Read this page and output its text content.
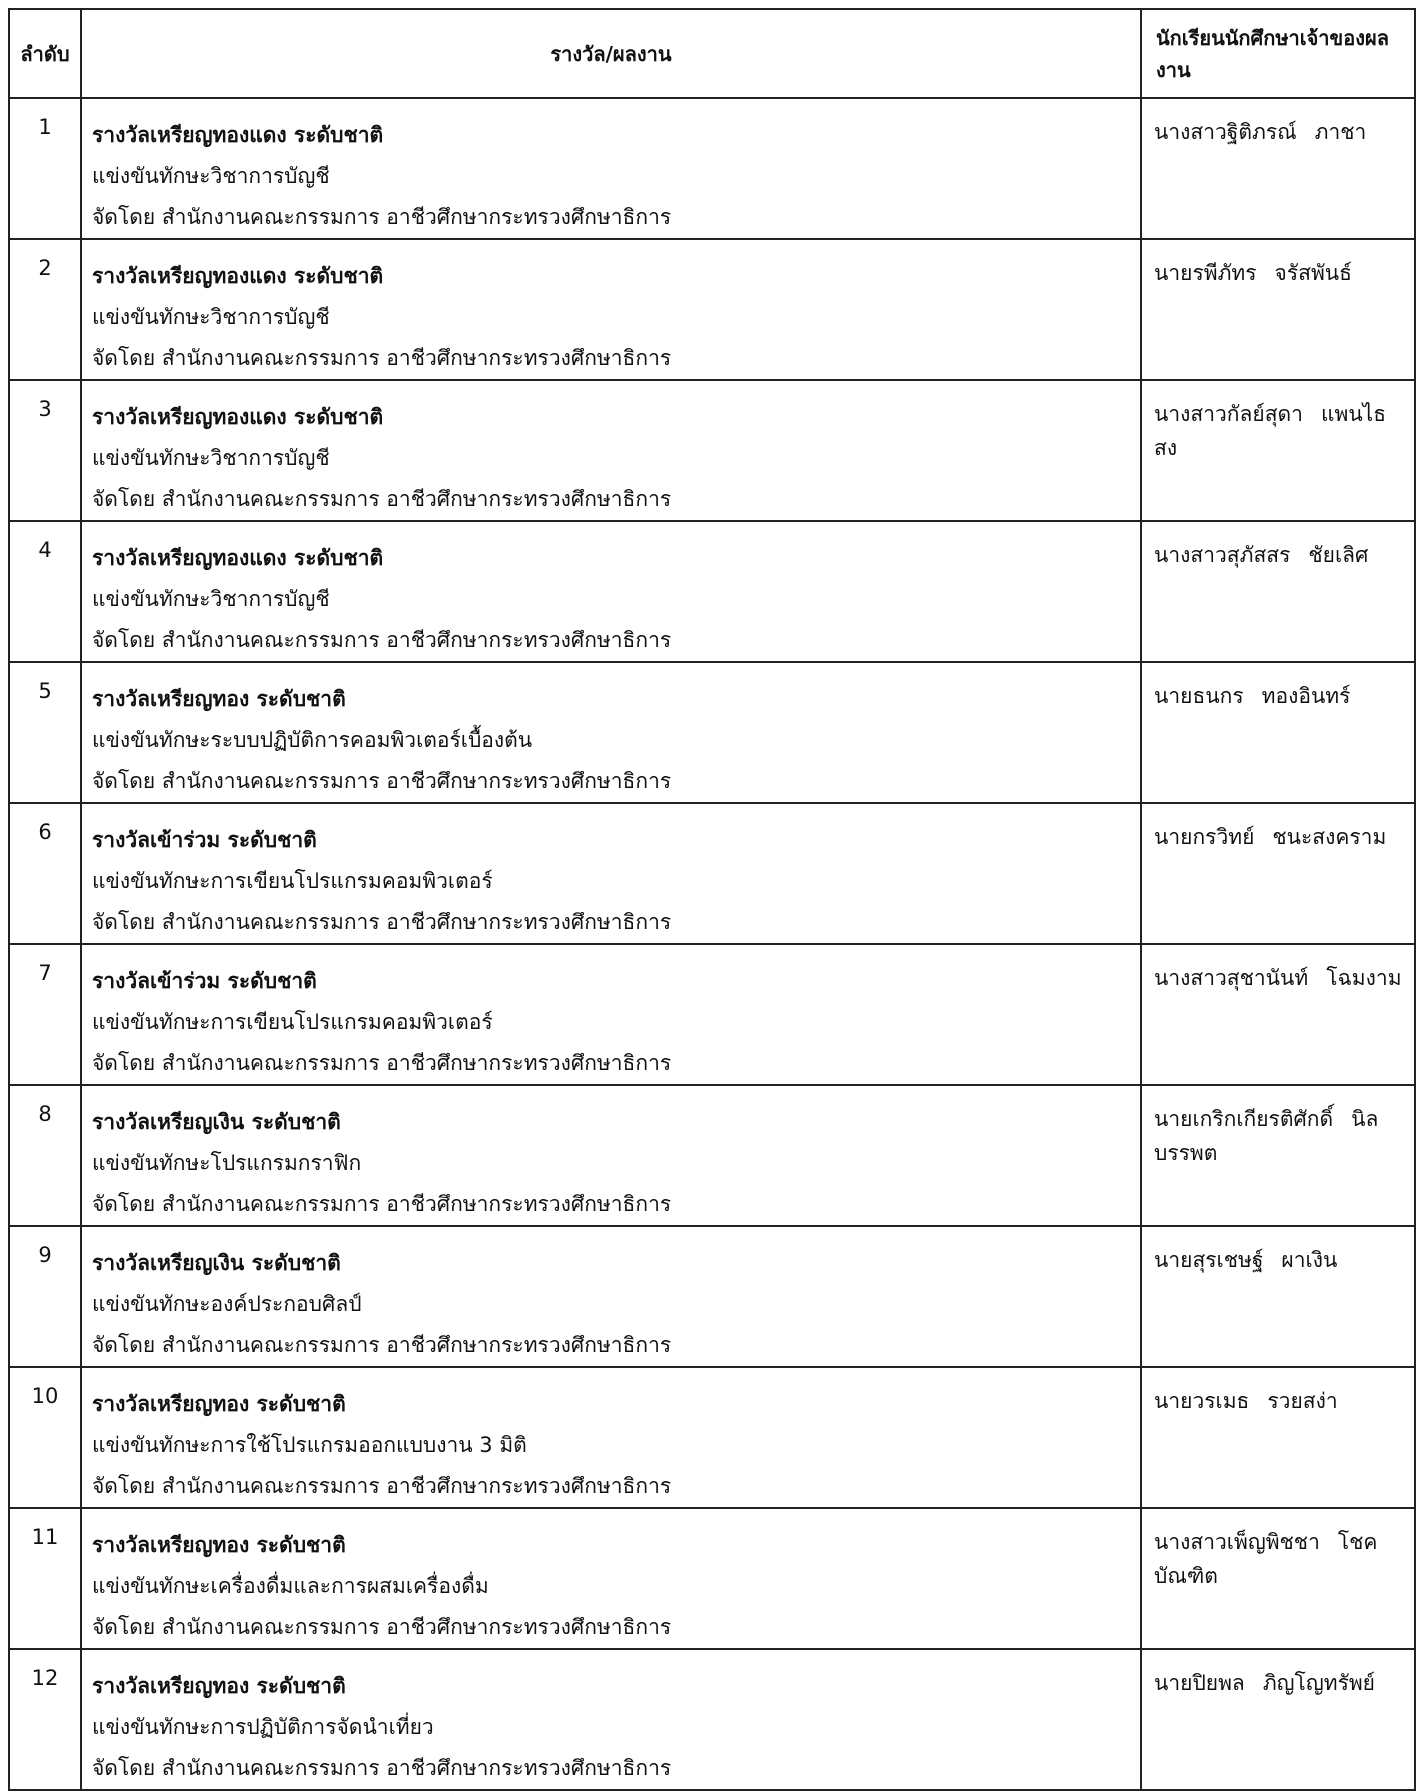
ลำดับ	รางวัล/ผลงาน	นักเรียนนักศึกษาเจ้าของผลงาน
1	รางวัลเหรียญทองแดง ระดับชาติ
แข่งขันทักษะวิชาการบัญชี
จัดโดย สำนักงานคณะกรรมการ อาชีวศึกษากระทรวงศึกษาธิการ	นางสาวฐิติภรณ์ ภาชา
2	รางวัลเหรียญทองแดง ระดับชาติ
แข่งขันทักษะวิชาการบัญชี
จัดโดย สำนักงานคณะกรรมการ อาชีวศึกษากระทรวงศึกษาธิการ	นายรพีภัทร จรัสพันธ์
3	รางวัลเหรียญทองแดง ระดับชาติ
แข่งขันทักษะวิชาการบัญชี
จัดโดย สำนักงานคณะกรรมการ อาชีวศึกษากระทรวงศึกษาธิการ	นางสาวกัลย์สุดา แพนไธสง
4	รางวัลเหรียญทองแดง ระดับชาติ
แข่งขันทักษะวิชาการบัญชี
จัดโดย สำนักงานคณะกรรมการ อาชีวศึกษากระทรวงศึกษาธิการ	นางสาวสุภัสสร ชัยเลิศ
5	รางวัลเหรียญทอง ระดับชาติ
แข่งขันทักษะระบบปฏิบัติการคอมพิวเตอร์เบื้องต้น
จัดโดย สำนักงานคณะกรรมการ อาชีวศึกษากระทรวงศึกษาธิการ	นายธนกร ทองอินทร์
6	รางวัลเข้าร่วม ระดับชาติ
แข่งขันทักษะการเขียนโปรแกรมคอมพิวเตอร์
จัดโดย สำนักงานคณะกรรมการ อาชีวศึกษากระทรวงศึกษาธิการ	นายกรวิทย์ ชนะสงคราม
7	รางวัลเข้าร่วม ระดับชาติ
แข่งขันทักษะการเขียนโปรแกรมคอมพิวเตอร์
จัดโดย สำนักงานคณะกรรมการ อาชีวศึกษากระทรวงศึกษาธิการ	นางสาวสุชานันท์ โฉมงาม
8	รางวัลเหรียญเงิน ระดับชาติ
แข่งขันทักษะโปรแกรมกราฟิก
จัดโดย สำนักงานคณะกรรมการ อาชีวศึกษากระทรวงศึกษาธิการ	นายเกริกเกียรติศักดิ์ นิลบรรพต
9	รางวัลเหรียญเงิน ระดับชาติ
แข่งขันทักษะองค์ประกอบศิลป์
จัดโดย สำนักงานคณะกรรมการ อาชีวศึกษากระทรวงศึกษาธิการ	นายสุรเชษฐ์ ผาเงิน
10	รางวัลเหรียญทอง ระดับชาติ
แข่งขันทักษะการใช้โปรแกรมออกแบบงาน 3 มิติ
จัดโดย สำนักงานคณะกรรมการ อาชีวศึกษากระทรวงศึกษาธิการ	นายวรเมธ รวยสง่า
11	รางวัลเหรียญทอง ระดับชาติ
แข่งขันทักษะเครื่องดื่มและการผสมเครื่องดื่ม
จัดโดย สำนักงานคณะกรรมการ อาชีวศึกษากระทรวงศึกษาธิการ	นางสาวเพ็ญพิชชา โชคบัณฑิต
12	รางวัลเหรียญทอง ระดับชาติ
แข่งขันทักษะการปฏิบัติการจัดนำเที่ยว
จัดโดย สำนักงานคณะกรรมการ อาชีวศึกษากระทรวงศึกษาธิการ	นายปิยพล ภิญโญทรัพย์
